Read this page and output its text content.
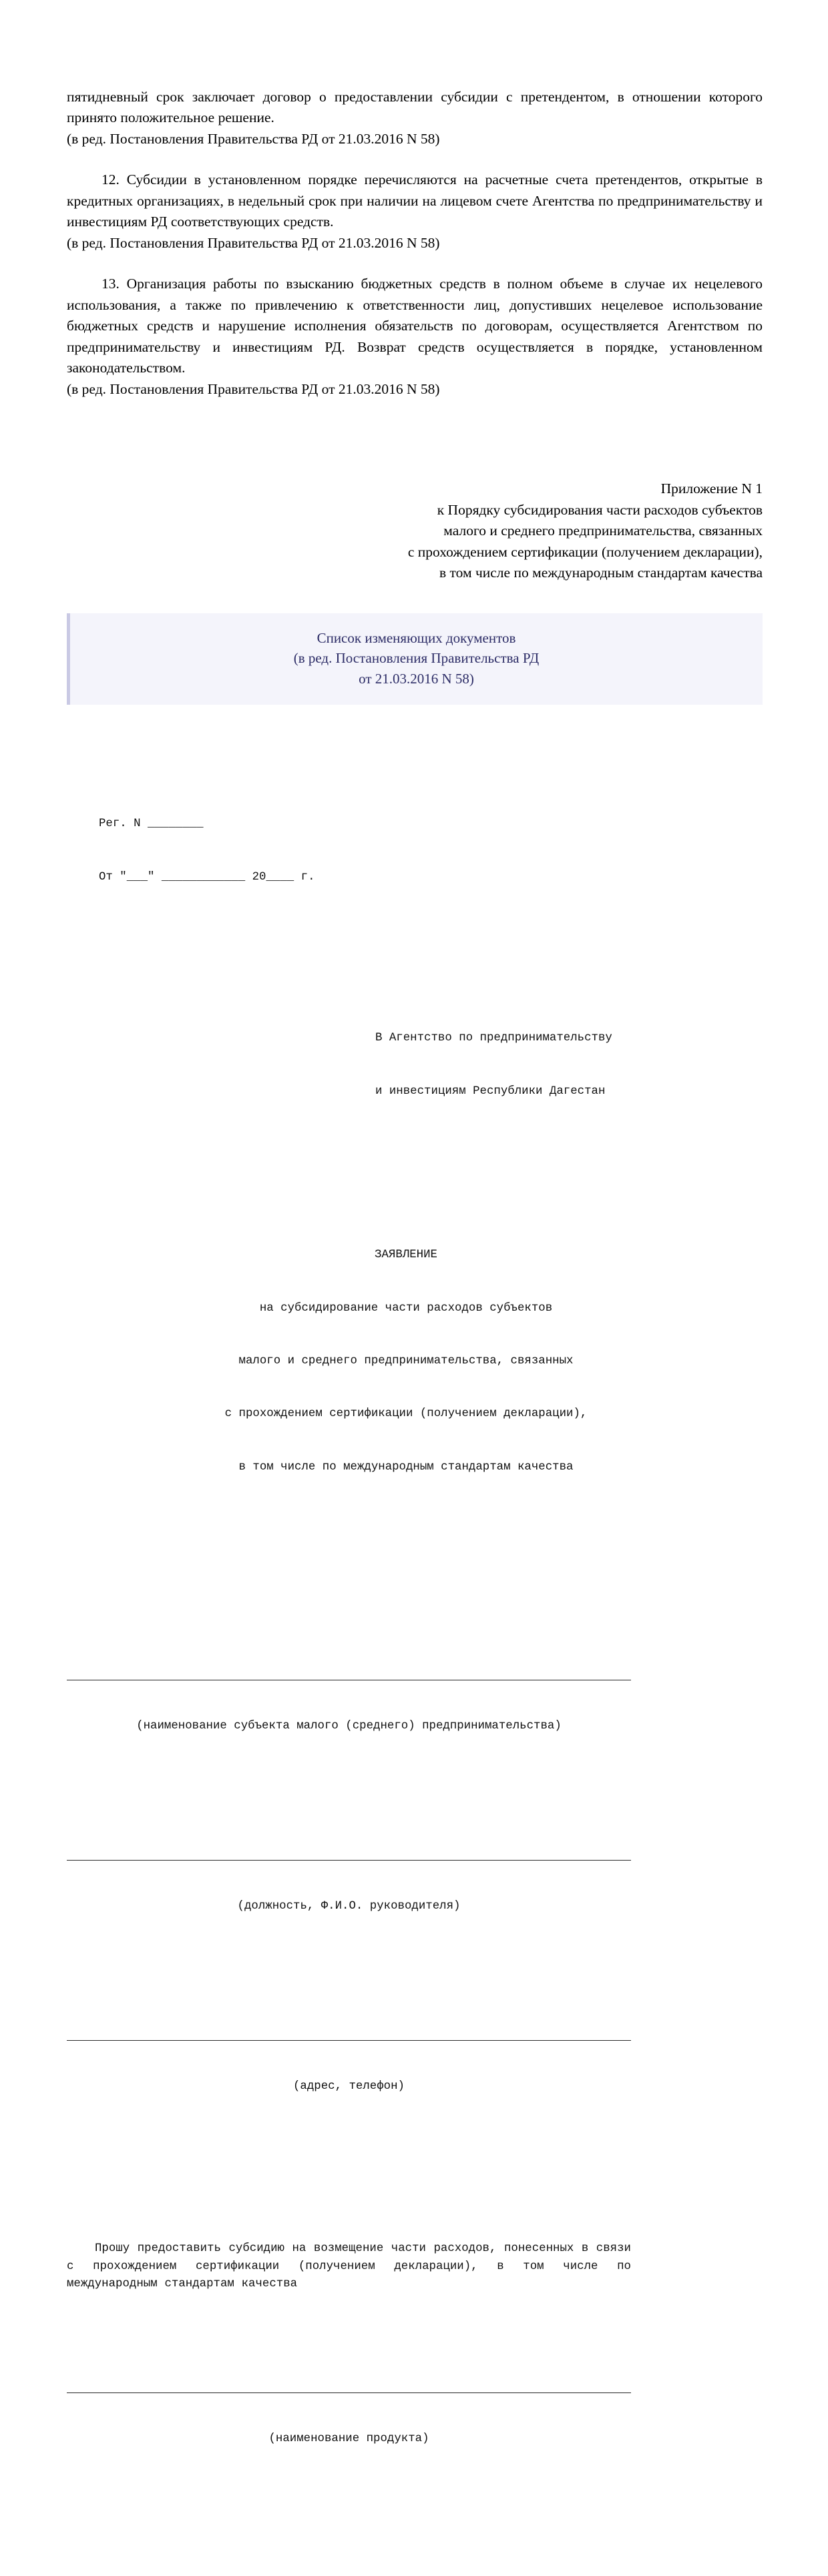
пятидневный срок заключает договор о предоставлении субсидии с претендентом, в отношении которого принято положительное решение.

(в ред. Постановления Правительства РД от 21.03.2016 N 58)

12. Субсидии в установленном порядке перечисляются на расчетные счета претендентов, открытые в кредитных организациях, в недельный срок при наличии на лицевом счете Агентства по предпринимательству и инвестициям РД соответствующих средств.

(в ред. Постановления Правительства РД от 21.03.2016 N 58)

13. Организация работы по взысканию бюджетных средств в полном объеме в случае их нецелевого использования, а также по привлечению к ответственности лиц, допустивших нецелевое использование бюджетных средств и нарушение исполнения обязательств по договорам, осуществляется Агентством по предпринимательству и инвестициям РД. Возврат средств осуществляется в порядке, установленном законодательством.

(в ред. Постановления Правительства РД от 21.03.2016 N 58)

Приложение N 1
к Порядку субсидирования части расходов субъектов
малого и среднего предпринимательства, связанных
с прохождением сертификации (получением декларации),
в том числе по международным стандартам качества
Список изменяющих документов
(в ред. Постановления Правительства РД
от 21.03.2016 N 58)

Рег. N ________

От "___" ____________ 20____ г.

В Агентство по предпринимательству

и инвестициям Республики Дагестан

ЗАЯВЛЕНИЕ

на субсидирование части расходов субъектов

малого и среднего предпринимательства, связанных

с прохождением сертификации (получением декларации),

в том числе по международным стандартам качества

(наименование субъекта малого (среднего) предпринимательства)

(должность, Ф.И.О. руководителя)

(адрес, телефон)

Прошу предоставить субсидию на возмещение части расходов, понесенных в связи с прохождением сертификации (получением декларации), в том числе по международным стандартам качества

(наименование продукта)
